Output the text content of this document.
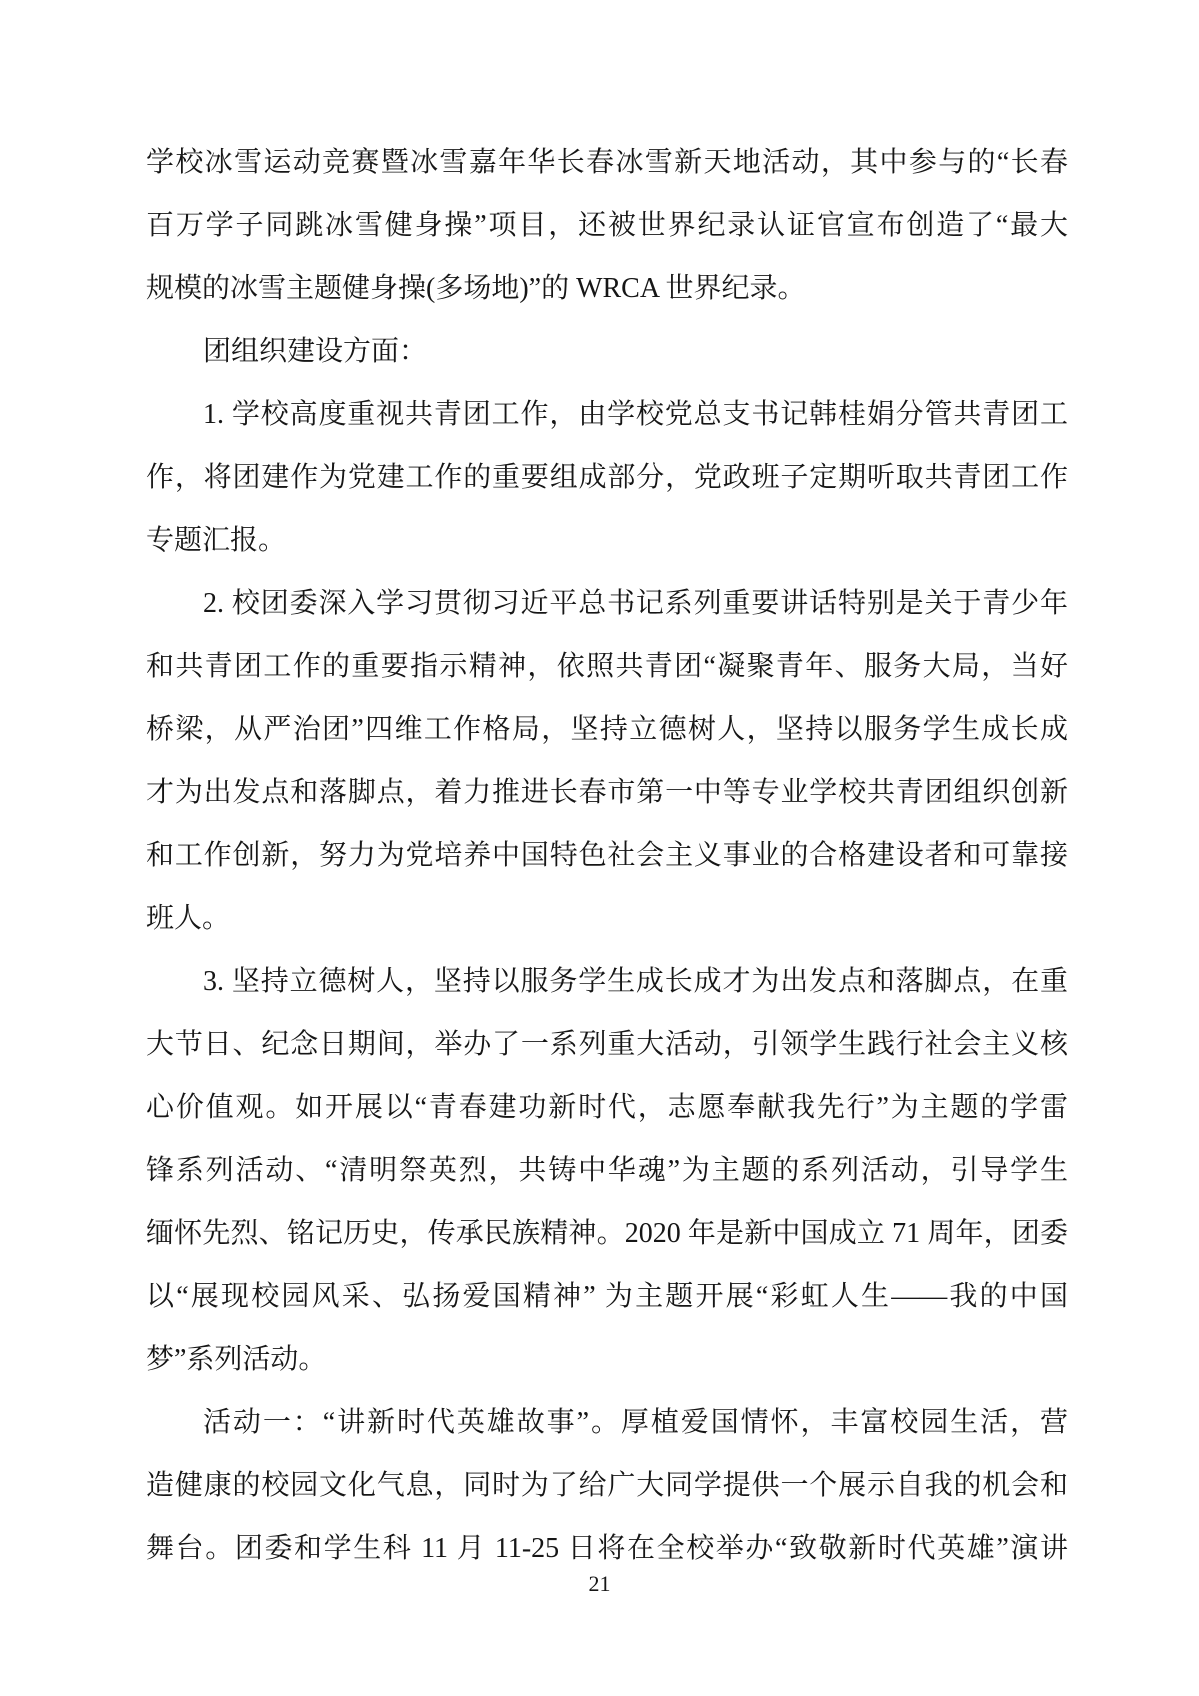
学校冰雪运动竞赛暨冰雪嘉年华长春冰雪新天地活动，其中参与的“长春
百万学子同跳冰雪健身操”项目，还被世界纪录认证官宣布创造了“最大
规模的冰雪主题健身操(多场地)”的 WRCA 世界纪录。
团组织建设方面：
1. 学校高度重视共青团工作，由学校党总支书记韩桂娟分管共青团工
作，将团建作为党建工作的重要组成部分，党政班子定期听取共青团工作
专题汇报。
2. 校团委深入学习贯彻习近平总书记系列重要讲话特别是关于青少年
和共青团工作的重要指示精神，依照共青团“凝聚青年、服务大局，当好
桥梁，从严治团”四维工作格局，坚持立德树人，坚持以服务学生成长成
才为出发点和落脚点，着力推进长春市第一中等专业学校共青团组织创新
和工作创新，努力为党培养中国特色社会主义事业的合格建设者和可靠接
班人。
3. 坚持立德树人，坚持以服务学生成长成才为出发点和落脚点，在重
大节日、纪念日期间，举办了一系列重大活动，引领学生践行社会主义核
心价值观。如开展以“青春建功新时代，志愿奉献我先行”为主题的学雷
锋系列活动、“清明祭英烈，共铸中华魂”为主题的系列活动，引导学生
缅怀先烈、铭记历史，传承民族精神。2020 年是新中国成立 71 周年，团委
以“展现校园风采、弘扬爱国精神” 为主题开展“彩虹人生——我的中国
梦”系列活动。
活动一：“讲新时代英雄故事”。厚植爱国情怀，丰富校园生活，营
造健康的校园文化气息，同时为了给广大同学提供一个展示自我的机会和
舞台。团委和学生科 11 月 11-25 日将在全校举办“致敬新时代英雄”演讲
21
